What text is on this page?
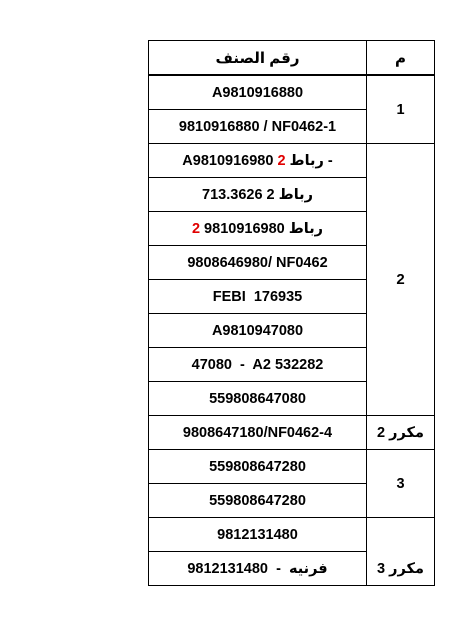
رقم الصنف	م
A9810916880	1
9810916880 / NF0462-1	
A9810916980 2 - رباط	2
713.3626 2 رباط	
2 9810916980 رباط	
9808646980/ NF0462	
FEBI  176935	
A9810947080	
47080  -  A2 532282	
559808647080	
9808647180/NF0462-4	مكرر 2
559808647280	3
559808647280	
9812131480	مكرر 3
فرنيه  -  9812131480	
